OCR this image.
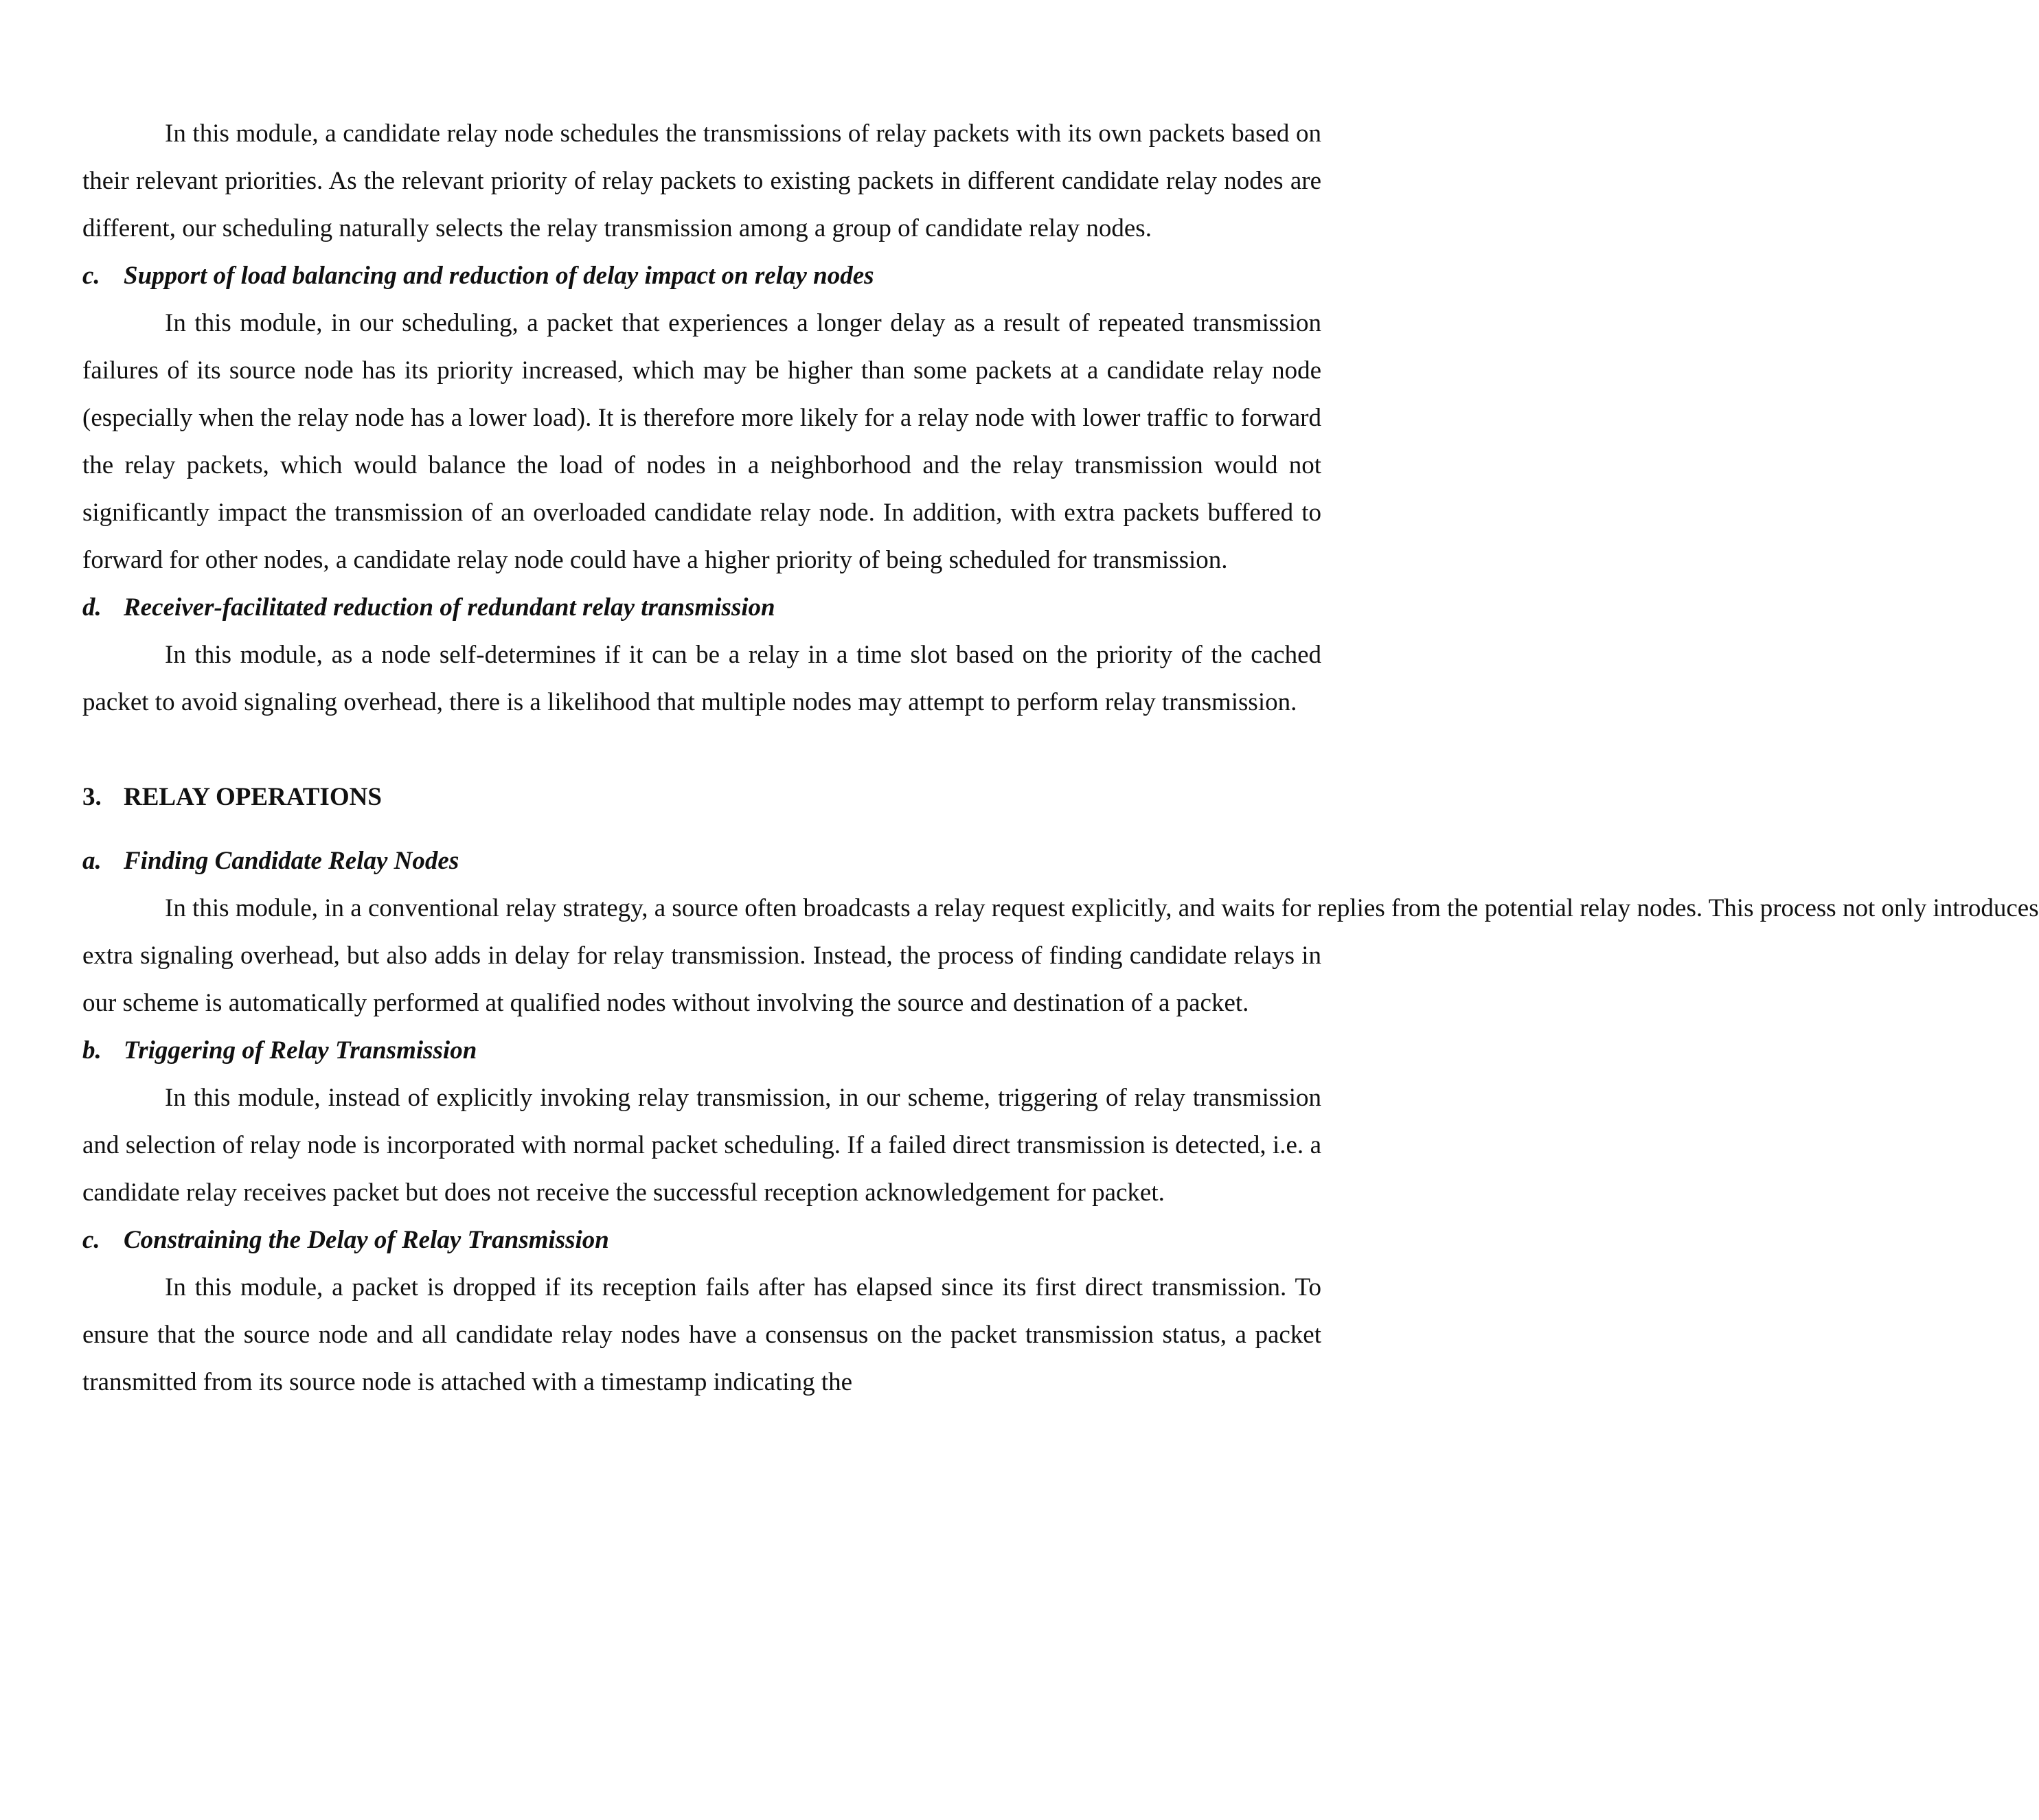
In this module, a candidate relay node schedules the transmissions of relay packets with its own packets based on their relevant priorities. As the relevant priority of relay packets to existing packets in different candidate relay nodes are different, our scheduling naturally selects the relay transmission among a group of candidate relay nodes.

c. Support of load balancing and reduction of delay impact on relay nodes

In this module, in our scheduling, a packet that experiences a longer delay as a result of repeated transmission failures of its source node has its priority increased, which may be higher than some packets at a candidate relay node (especially when the relay node has a lower load). It is therefore more likely for a relay node with lower traffic to forward the relay packets, which would balance the load of nodes in a neighborhood and the relay transmission would not significantly impact the transmission of an overloaded candidate relay node. In addition, with extra packets buffered to forward for other nodes, a candidate relay node could have a higher priority of being scheduled for transmission.

d. Receiver-facilitated reduction of redundant relay transmission

In this module, as a node self-determines if it can be a relay in a time slot based on the priority of the cached packet to avoid signaling overhead, there is a likelihood that multiple nodes may attempt to perform relay transmission.

3. RELAY OPERATIONS

a. Finding Candidate Relay Nodes

In this module, in a conventional relay strategy, a source often broadcasts a relay request explicitly, and waits for replies from the potential relay nodes. This process not only introduces

extra signaling overhead, but also adds in delay for relay transmission. Instead, the process of finding candidate relays in our scheme is automatically performed at qualified nodes without involving the source and destination of a packet.

b. Triggering of Relay Transmission

In this module, instead of explicitly invoking relay transmission, in our scheme, triggering of relay transmission and selection of relay node is incorporated with normal packet scheduling. If a failed direct transmission is detected, i.e. a candidate relay receives packet but does not receive the successful reception acknowledgement for packet.

c. Constraining the Delay of Relay Transmission

In this module, a packet is dropped if its reception fails after has elapsed since its first direct transmission. To ensure that the source node and all candidate relay nodes have a consensus on the packet transmission status, a packet transmitted from its source node is attached with a timestamp indicating the
